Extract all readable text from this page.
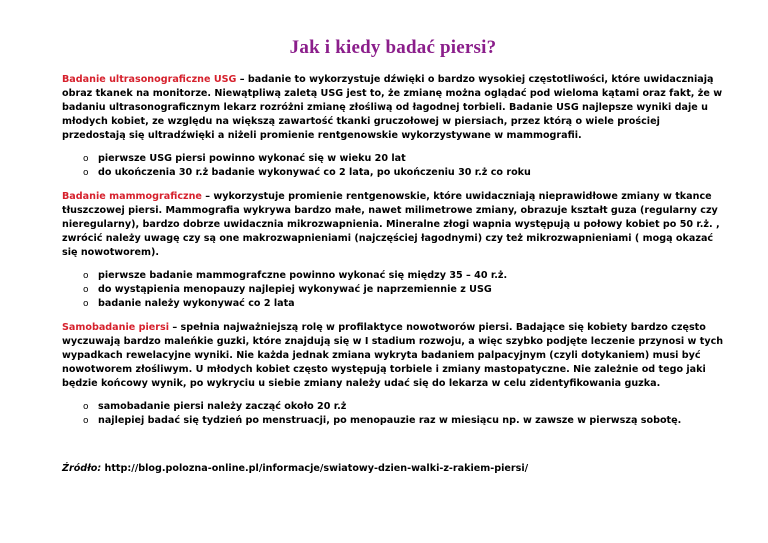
Jak i kiedy badać piersi?

Badanie ultrasonograficzne USG – badanie to wykorzystuje dźwięki o bardzo wysokiej częstotliwości, które uwidaczniają obraz tkanek na monitorze. Niewątpliwą zaletą USG jest to, że zmianę można oglądać pod wieloma kątami oraz fakt, że w badaniu ultrasonograficznym lekarz rozróżni zmianę złośliwą od łagodnej torbieli. Badanie USG najlepsze wyniki daje u młodych kobiet, ze względu na większą zawartość tkanki gruczołowej w piersiach, przez którą o wiele prościej przedostają się ultradźwięki a niżeli promienie rentgenowskie wykorzystywane w mammografii.

o pierwsze USG piersi powinno wykonać się w wieku 20 lat
o do ukończenia 30 r.ż badanie wykonywać co 2 lata, po ukończeniu 30 r.ż co roku

Badanie mammograficzne – wykorzystuje promienie rentgenowskie, które uwidaczniają nieprawidłowe zmiany w tkance tłuszczowej piersi. Mammografia wykrywa bardzo małe, nawet milimetrowe zmiany, obrazuje kształt guza (regularny czy nieregularny), bardzo dobrze uwidacznia mikrozwapnienia. Mineralne złogi wapnia występują u połowy kobiet po 50 r.ż. , zwrócić należy uwagę czy są one makrozwapnieniami (najczęściej łagodnymi) czy też mikrozwapnieniami ( mogą okazać się nowotworem).

o pierwsze badanie mammografczne powinno wykonać się między 35 – 40 r.ż.
o do wystąpienia menopauzy najlepiej wykonywać je naprzemiennie z USG
o badanie należy wykonywać co 2 lata

Samobadanie piersi – spełnia najważniejszą rolę w profilaktyce nowotworów piersi. Badające się kobiety bardzo często wyczuwają bardzo maleńkie guzki, które znajdują się w I stadium rozwoju, a więc szybko podjęte leczenie przynosi w tych wypadkach rewelacyjne wyniki. Nie każda jednak zmiana wykryta badaniem palpacyjnym (czyli dotykaniem) musi być nowotworem złośliwym. U młodych kobiet często występują torbiele i zmiany mastopatyczne. Nie zależnie od tego jaki będzie końcowy wynik, po wykryciu u siebie zmiany należy udać się do lekarza w celu zidentyfikowania guzka.

o samobadanie piersi należy zacząć około 20 r.ż
o najlepiej badać się tydzień po menstruacji, po menopauzie raz w miesiącu np. w zawsze w pierwszą sobotę.

Źródło: http://blog.polozna-online.pl/informacje/swiatowy-dzien-walki-z-rakiem-piersi/
